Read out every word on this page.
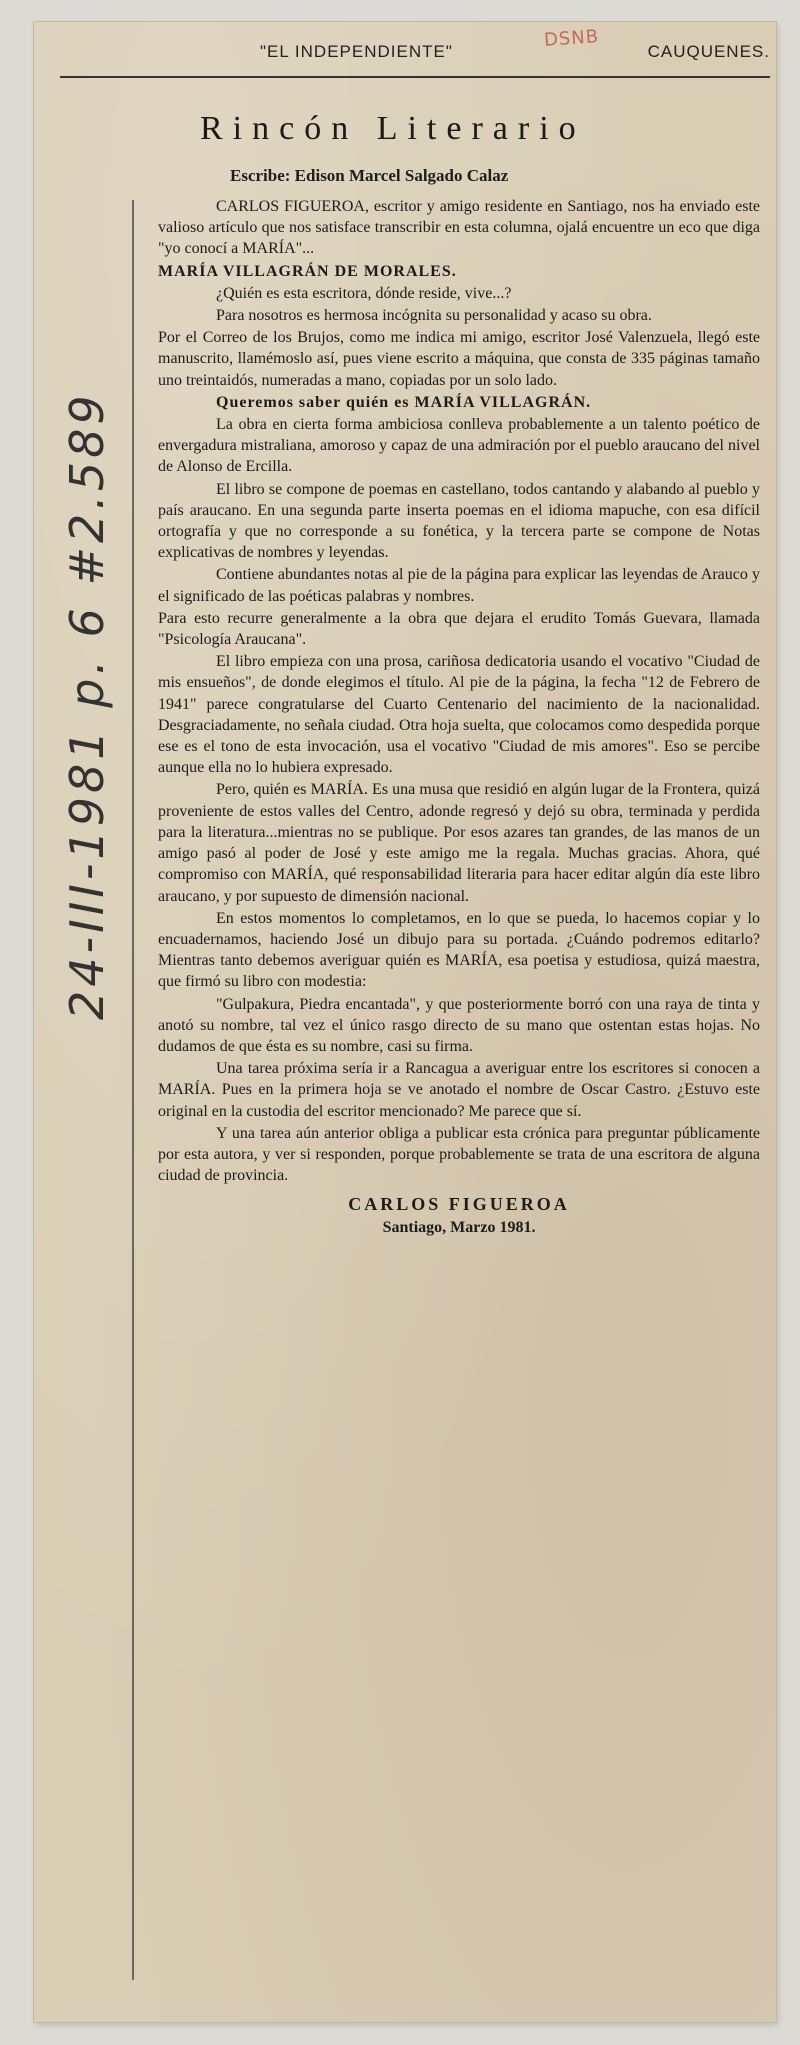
"EL INDEPENDIENTE"
DSNB
CAUQUENES.
Rincón Literario
Escribe: Edison Marcel Salgado Calaz
24-III-1981 p. 6 #2.589

CARLOS FIGUEROA, escritor y amigo residente en Santiago, nos ha enviado este valioso artículo que nos satisface transcribir en esta columna, ojalá encuentre un eco que diga "yo conocí a MARÍA"...

MARÍA VILLAGRÁN DE MORALES.

¿Quién es esta escritora, dónde reside, vive...?

Para nosotros es hermosa incógnita su personalidad y acaso su obra.

Por el Correo de los Brujos, como me indica mi amigo, escritor José Valenzuela, llegó este manuscrito, llamémoslo así, pues viene escrito a máquina, que consta de 335 páginas tamaño uno treintaidós, numeradas a mano, copiadas por un solo lado.

Queremos saber quién es MARÍA VILLAGRÁN.

La obra en cierta forma ambiciosa conlleva probablemente a un talento poético de envergadura mistraliana, amoroso y capaz de una admiración por el pueblo araucano del nivel de Alonso de Ercilla.

El libro se compone de poemas en castellano, todos cantando y alabando al pueblo y país araucano. En una segunda parte inserta poemas en el idioma mapuche, con esa difícil ortografía y que no corresponde a su fonética, y la tercera parte se compone de Notas explicativas de nombres y leyendas.

Contiene abundantes notas al pie de la página para explicar las leyendas de Arauco y el significado de las poéticas palabras y nombres.

Para esto recurre generalmente a la obra que dejara el erudito Tomás Guevara, llamada "Psicología Araucana".

El libro empieza con una prosa, cariñosa dedicatoria usando el vocativo "Ciudad de mis ensueños", de donde elegimos el título. Al pie de la página, la fecha "12 de Febrero de 1941" parece congratularse del Cuarto Centenario del nacimiento de la nacionalidad. Desgraciadamente, no señala ciudad. Otra hoja suelta, que colocamos como despedida porque ese es el tono de esta invocación, usa el vocativo "Ciudad de mis amores". Eso se percibe aunque ella no lo hubiera expresado.

Pero, quién es MARÍA. Es una musa que residió en algún lugar de la Frontera, quizá proveniente de estos valles del Centro, adonde regresó y dejó su obra, terminada y perdida para la literatura...mientras no se publique. Por esos azares tan grandes, de las manos de un amigo pasó al poder de José y este amigo me la regala. Muchas gracias. Ahora, qué compromiso con MARÍA, qué responsabilidad literaria para hacer editar algún día este libro araucano, y por supuesto de dimensión nacional.

En estos momentos lo completamos, en lo que se pueda, lo hacemos copiar y lo encuadernamos, haciendo José un dibujo para su portada. ¿Cuándo podremos editarlo? Mientras tanto debemos averiguar quién es MARÍA, esa poetisa y estudiosa, quizá maestra, que firmó su libro con modestia:

"Gulpakura, Piedra encantada", y que posteriormente borró con una raya de tinta y anotó su nombre, tal vez el único rasgo directo de su mano que ostentan estas hojas. No dudamos de que ésta es su nombre, casi su firma.

Una tarea próxima sería ir a Rancagua a averiguar entre los escritores si conocen a MARÍA. Pues en la primera hoja se ve anotado el nombre de Oscar Castro. ¿Estuvo este original en la custodia del escritor mencionado? Me parece que sí.

Y una tarea aún anterior obliga a publicar esta crónica para preguntar públicamente por esta autora, y ver si responden, porque probablemente se trata de una escritora de alguna ciudad de provincia.

CARLOS FIGUEROA

Santiago, Marzo 1981.
